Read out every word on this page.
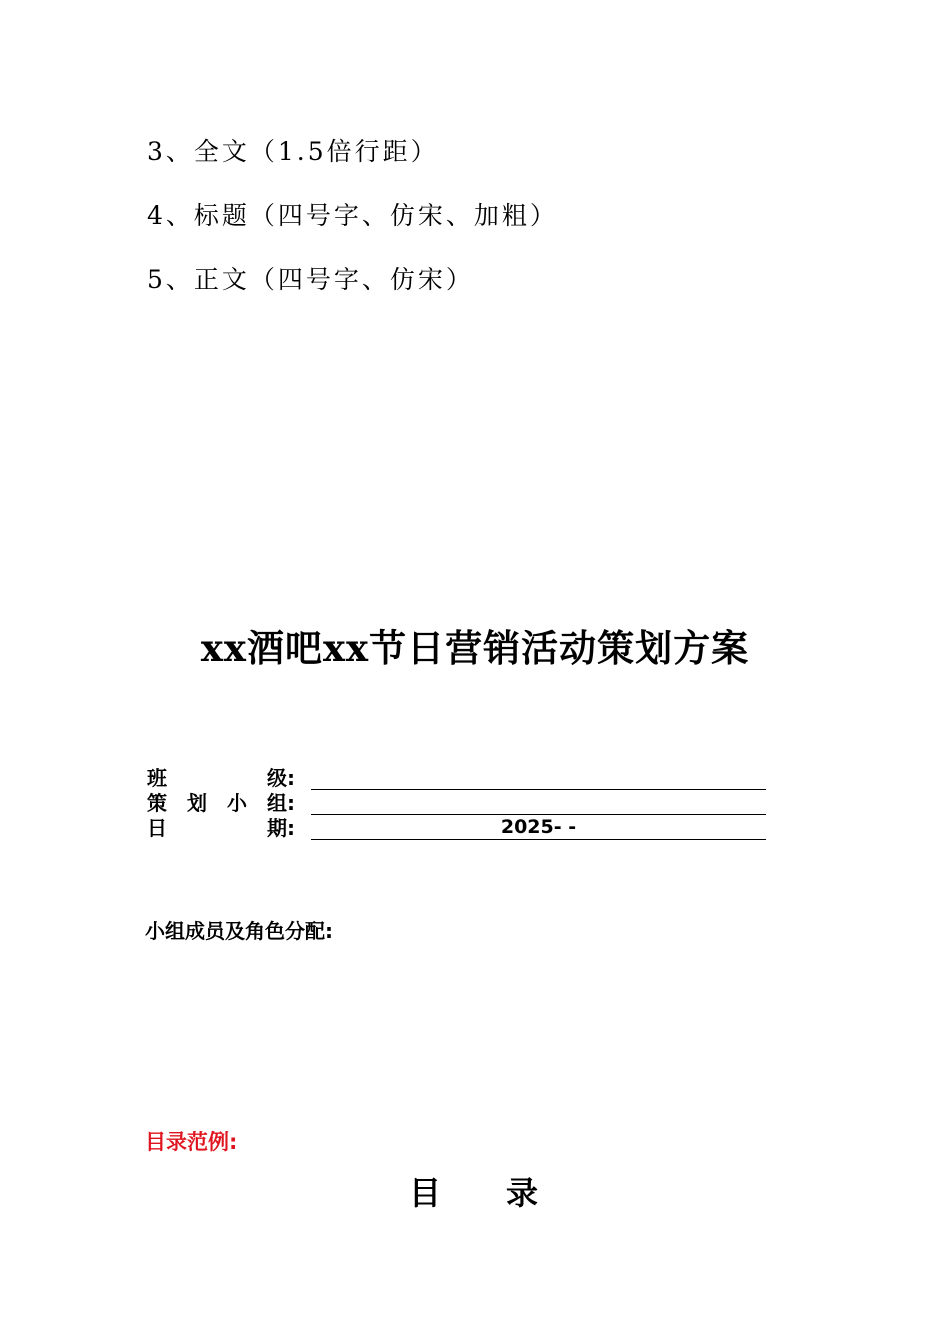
3、全文（1.5倍行距）
4、标题（四号字、仿宋、加粗）
5、正文（四号字、仿宋）
xx酒吧xx节日营销活动策划方案
班	级 :
策 划 小 组 :
日	期 :	2025- -
小组成员及角色分配:
目录范例:
目 录
